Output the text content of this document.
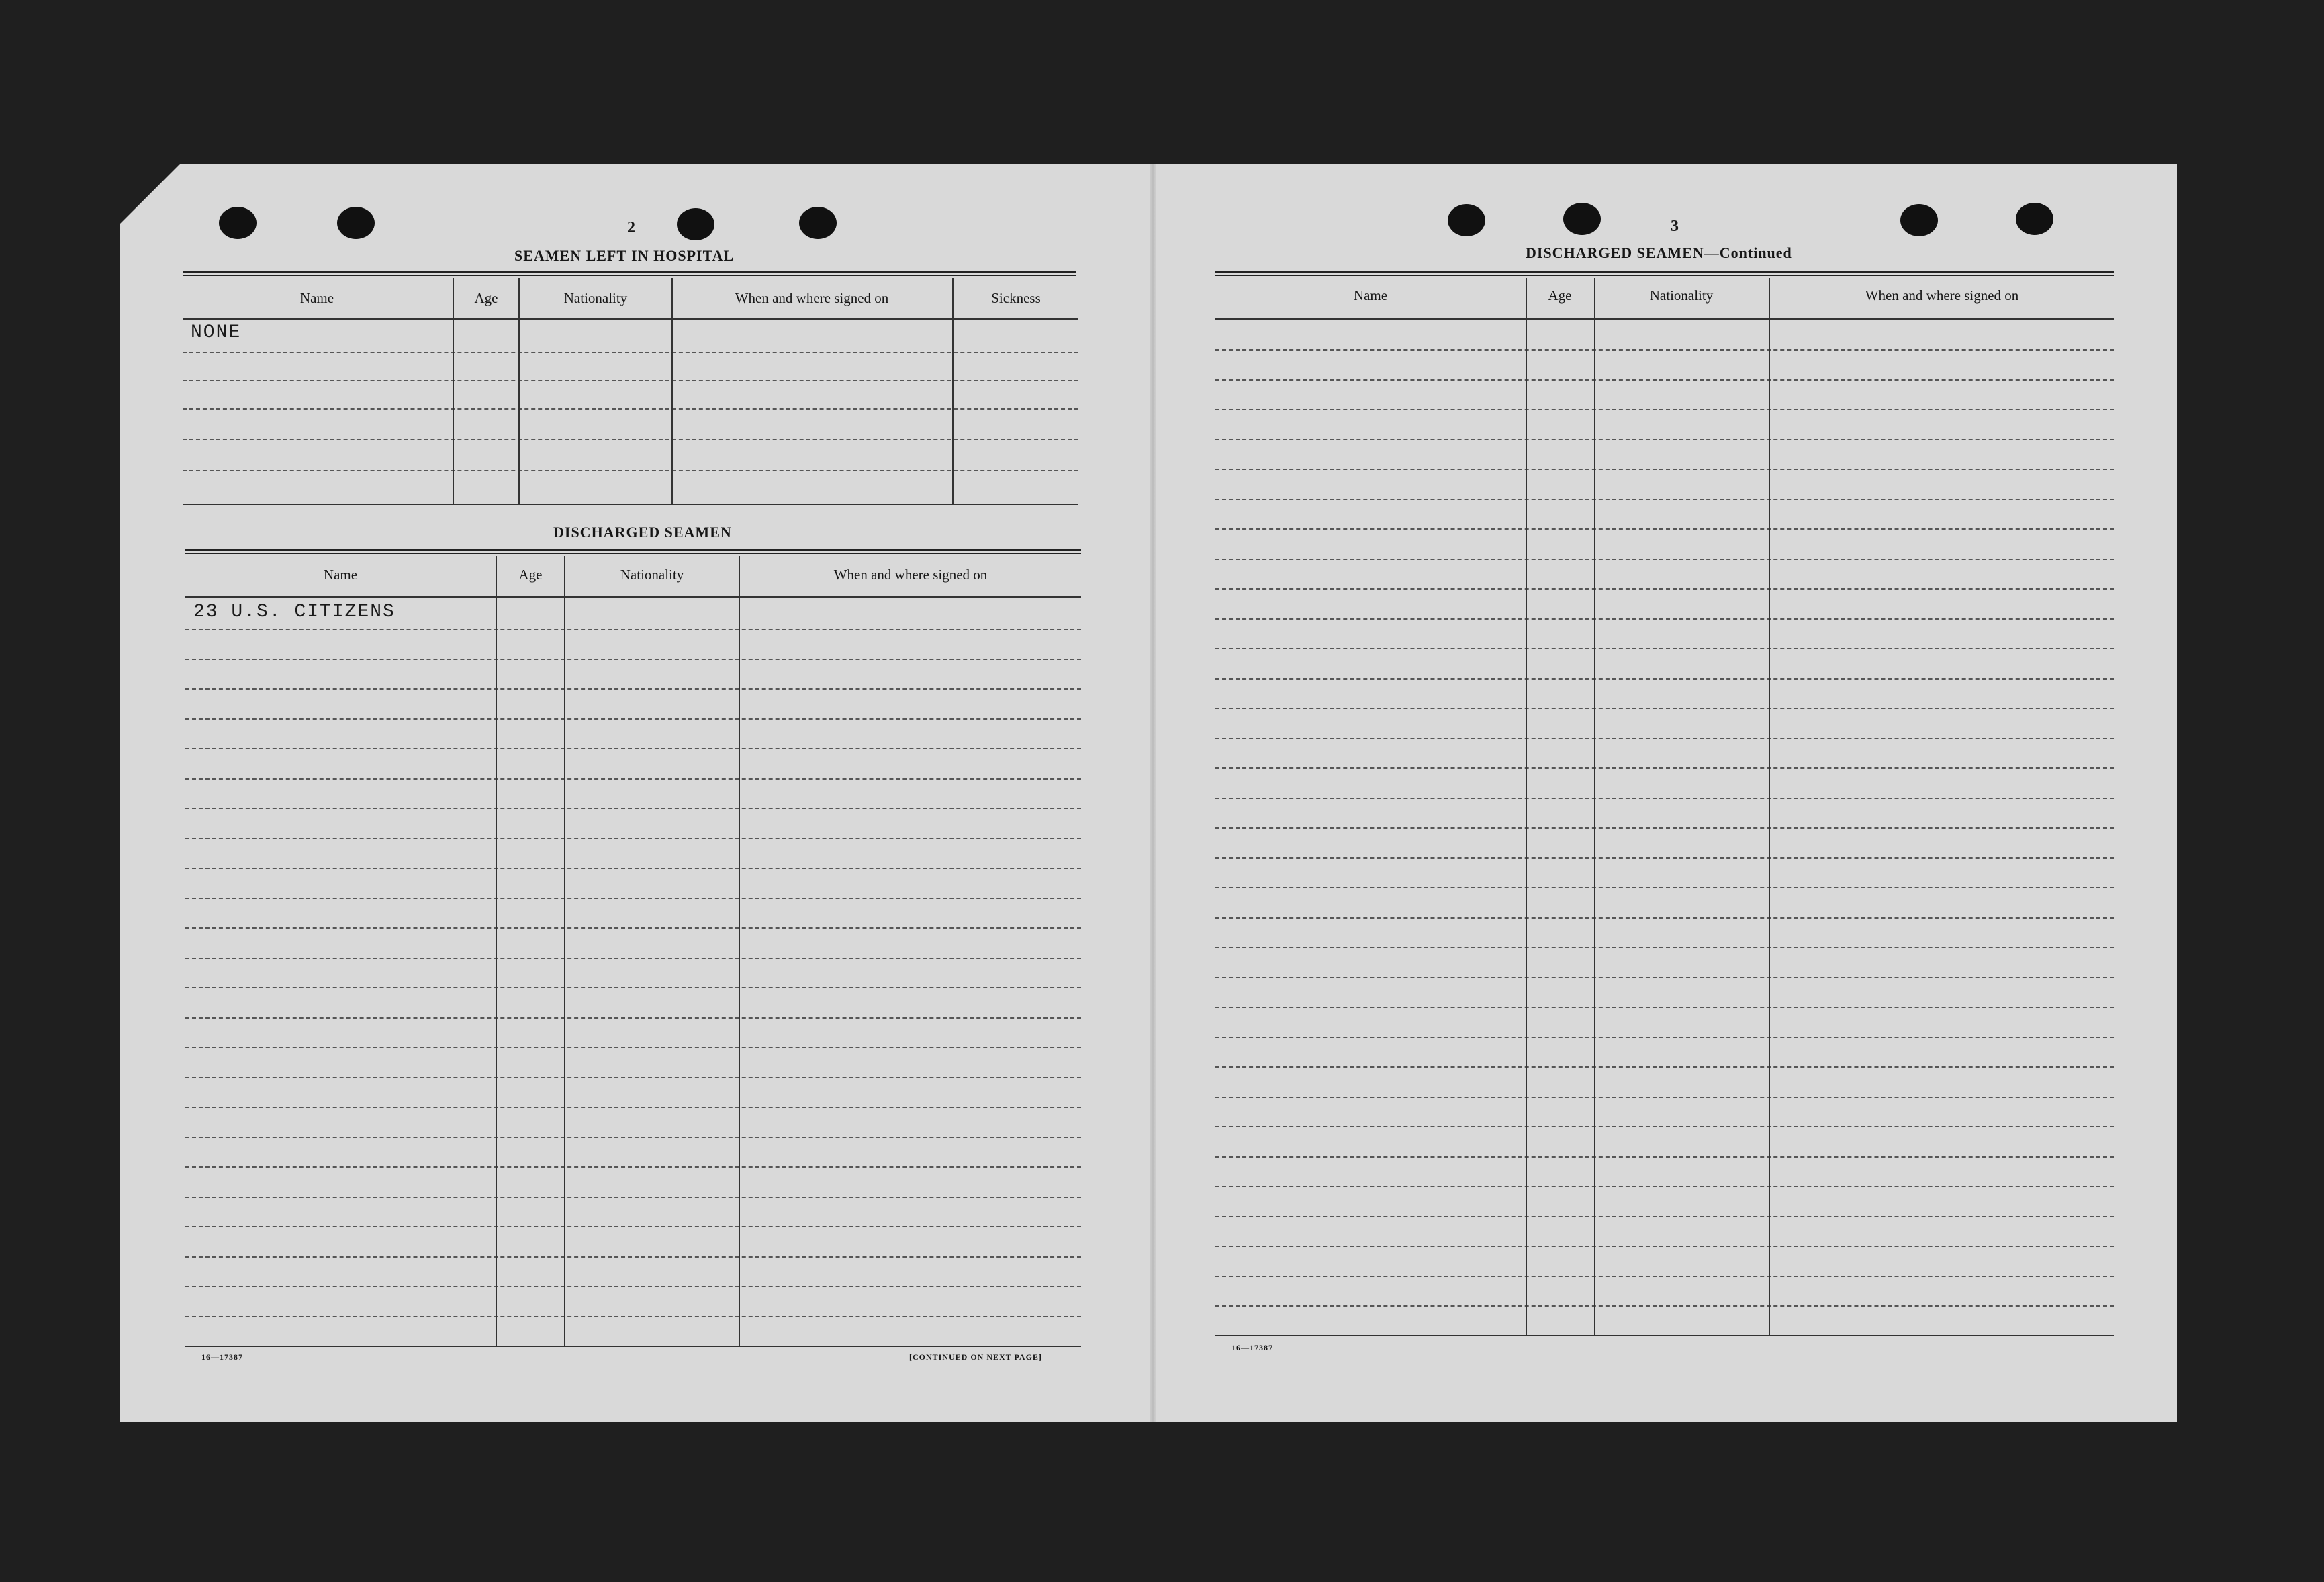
2
SEAMEN LEFT IN HOSPITAL
Name	Age	Nationality	When and where signed on	Sickness
NONE
DISCHARGED SEAMEN
Name	Age	Nationality	When and where signed on
23 U.S. CITIZENS
16—17387	[CONTINUED ON NEXT PAGE]
3
DISCHARGED SEAMEN—Continued
Name	Age	Nationality	When and where signed on
16—17387
